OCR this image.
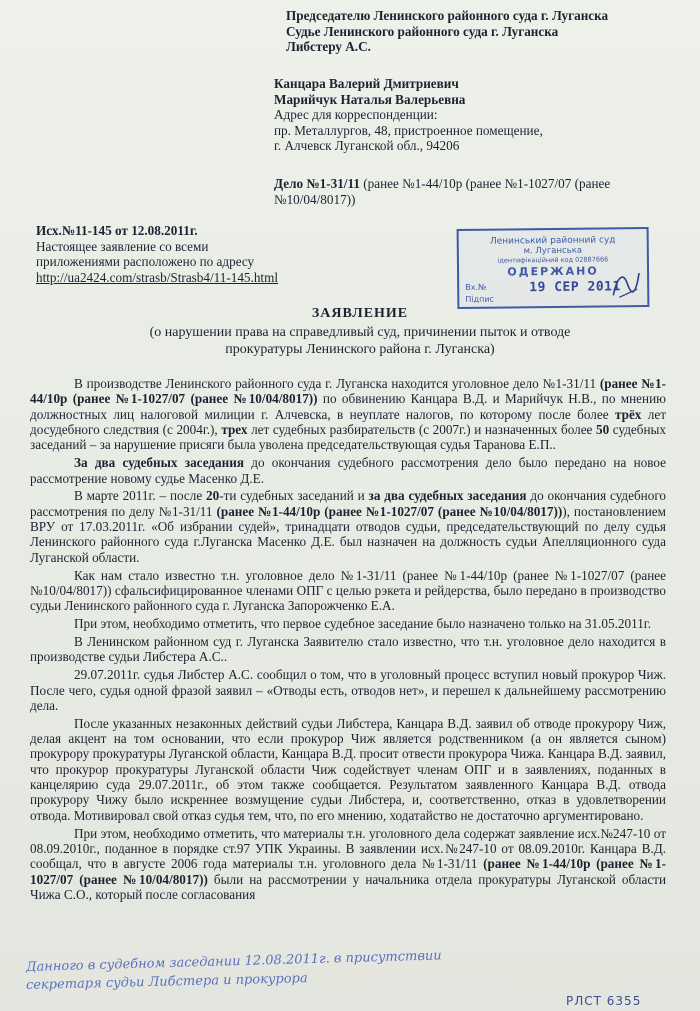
Председателю Ленинского районного суда г. Луганска
Судье Ленинского районного суда г. Луганска
Либстеру А.С.
Канцара Валерий Дмитриевич
Марийчук Наталья Валерьевна
Адрес для корреспонденции:
пр. Металлургов, 48, пристроенное помещение,
г. Алчевск Луганской обл., 94206
Дело №1-31/11 (ранее №1-44/10р (ранее №1-1027/07 (ранее №10/04/8017))
Исх.№11-145 от 12.08.2011г.
Настоящее заявление со всеми
приложениями расположено по адресу
http://ua2424.com/strasb/Strasb4/11-145.html
Ленинський районний суд
м. Луганська
ідентифікаційний код 02887666
ОДЕРЖАНО
Вх.№
Підпис
19 СЕР 2011
ЗАЯВЛЕНИЕ
(о нарушении права на справедливый суд, причинении пыток и отводе
прокуратуры Ленинского района г. Луганска)

В производстве Ленинского районного суда г. Луганска находится уголовное дело №1-31/11 (ранее №1-44/10р (ранее №1-1027/07 (ранее №10/04/8017)) по обвинению Канцара В.Д. и Марийчук Н.В., по мнению должностных лиц налоговой милиции г. Алчевска, в неуплате налогов, по которому после более трёх лет досудебного следствия (с 2004г.), трех лет судебных разбирательств (с 2007г.) и назначенных более 50 судебных заседаний – за нарушение присяги была уволена председательствующая судья Таранова Е.П..

За два судебных заседания до окончания судебного рассмотрения дело было передано на новое рассмотрение новому судье Масенко Д.Е.

В марте 2011г. – после 20-ти судебных заседаний и за два судебных заседания до окончания судебного рассмотрения по делу №1-31/11 (ранее №1-44/10р (ранее №1-1027/07 (ранее №10/04/8017))), постановлением ВРУ от 17.03.2011г. «Об избрании судей», тринадцати отводов судьи, председательствующий по делу судья Ленинского районного суда г.Луганска Масенко Д.Е. был назначен на должность судьи Апелляционного суда Луганской области.

Как нам стало известно т.н. уголовное дело №1-31/11 (ранее №1-44/10р (ранее №1-1027/07 (ранее №10/04/8017)) сфальсифицированное членами ОПГ с целью рэкета и рейдерства, было передано в производство судьи Ленинского районного суда г. Луганска Запорожченко Е.А.

При этом, необходимо отметить, что первое судебное заседание было назначено только на 31.05.2011г.

В Ленинском районном суд г. Луганска Заявителю стало известно, что т.н. уголовное дело находится в производстве судьи Либстера А.С..

29.07.2011г. судья Либстер А.С. сообщил о том, что в уголовный процесс вступил новый прокурор Чиж. После чего, судья одной фразой заявил – «Отводы есть, отводов нет», и перешел к дальнейшему рассмотрению дела.

После указанных незаконных действий судьи Либстера, Канцара В.Д. заявил об отводе прокурору Чиж, делая акцент на том основании, что если прокурор Чиж является родственником (а он является сыном) прокурору прокуратуры Луганской области, Канцара В.Д. просит отвести прокурора Чижа. Канцара В.Д. заявил, что прокурор прокуратуры Луганской области Чиж содействует членам ОПГ и в заявлениях, поданных в канцелярию суда 29.07.2011г., об этом также сообщается. Результатом заявленного Канцара В.Д. отвода прокурору Чижу было искреннее возмущение судьи Либстера, и, соответственно, отказ в удовлетворении отвода. Мотивировал свой отказ судья тем, что, по его мнению, ходатайство не достаточно аргументировано.

При этом, необходимо отметить, что материалы т.н. уголовного дела содержат заявление исх.№247-10 от 08.09.2010г., поданное в порядке ст.97 УПК Украины. В заявлении исх.№247-10 от 08.09.2010г. Канцара В.Д. сообщал, что в августе 2006 года материалы т.н. уголовного дела №1-31/11 (ранее №1-44/10р (ранее №1-1027/07 (ранее №10/04/8017)) были на рассмотрении у начальника отдела прокуратуры Луганской области Чижа С.О., который после согласования

Данного в судебном заседании 12.08.2011г. в присутствии
секретаря судьи Либстера и прокурора
РЛСТ 6355
